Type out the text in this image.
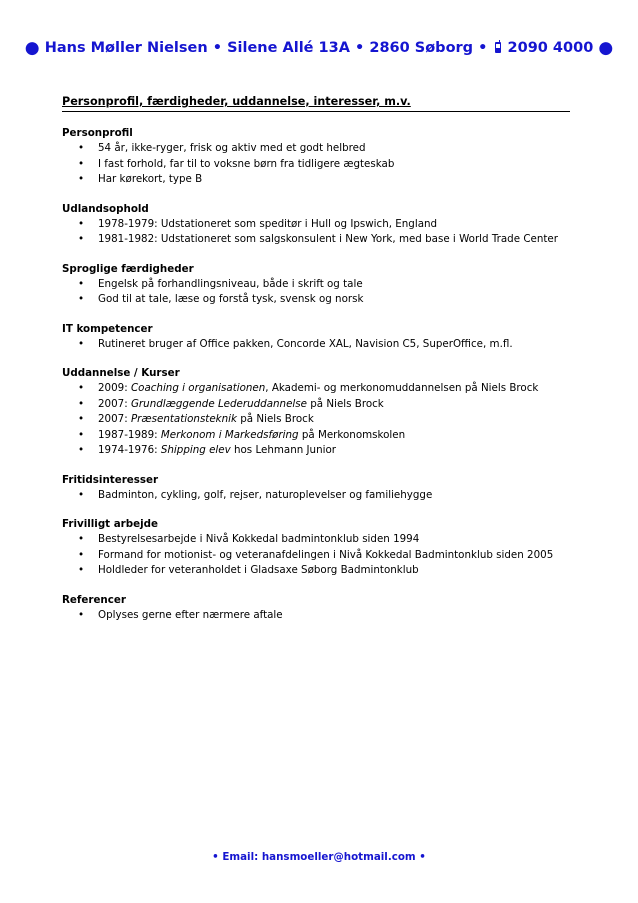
● Hans Møller Nielsen • Silene Allé 13A • 2860 Søborg • 2090 4000 ●
Personprofil, færdigheder, uddannelse, interesser, m.v.
Personprofil
• 54 år, ikke-ryger, frisk og aktiv med et godt helbred
• I fast forhold, far til to voksne børn fra tidligere ægteskab
• Har kørekort, type B
Udlandsophold
• 1978-1979: Udstationeret som speditør i Hull og Ipswich, England
• 1981-1982: Udstationeret som salgskonsulent i New York, med base i World Trade Center
Sproglige færdigheder
• Engelsk på forhandlingsniveau, både i skrift og tale
• God til at tale, læse og forstå tysk, svensk og norsk
IT kompetencer
• Rutineret bruger af Office pakken, Concorde XAL, Navision C5, SuperOffice, m.fl.
Uddannelse / Kurser
• 2009: Coaching i organisationen, Akademi- og merkonomuddannelsen på Niels Brock
• 2007: Grundlæggende Lederuddannelse på Niels Brock
• 2007: Præsentationsteknik på Niels Brock
• 1987-1989: Merkonom i Markedsføring på Merkonomskolen
• 1974-1976: Shipping elev hos Lehmann Junior
Fritidsinteresser
• Badminton, cykling, golf, rejser, naturoplevelser og familiehygge
Frivilligt arbejde
• Bestyrelsesarbejde i Nivå Kokkedal badmintonklub siden 1994
• Formand for motionist- og veteranafdelingen i Nivå Kokkedal Badmintonklub siden 2005
• Holdleder for veteranholdet i Gladsaxe Søborg Badmintonklub
Referencer
• Oplyses gerne efter nærmere aftale
• Email: hansmoeller@hotmail.com •
